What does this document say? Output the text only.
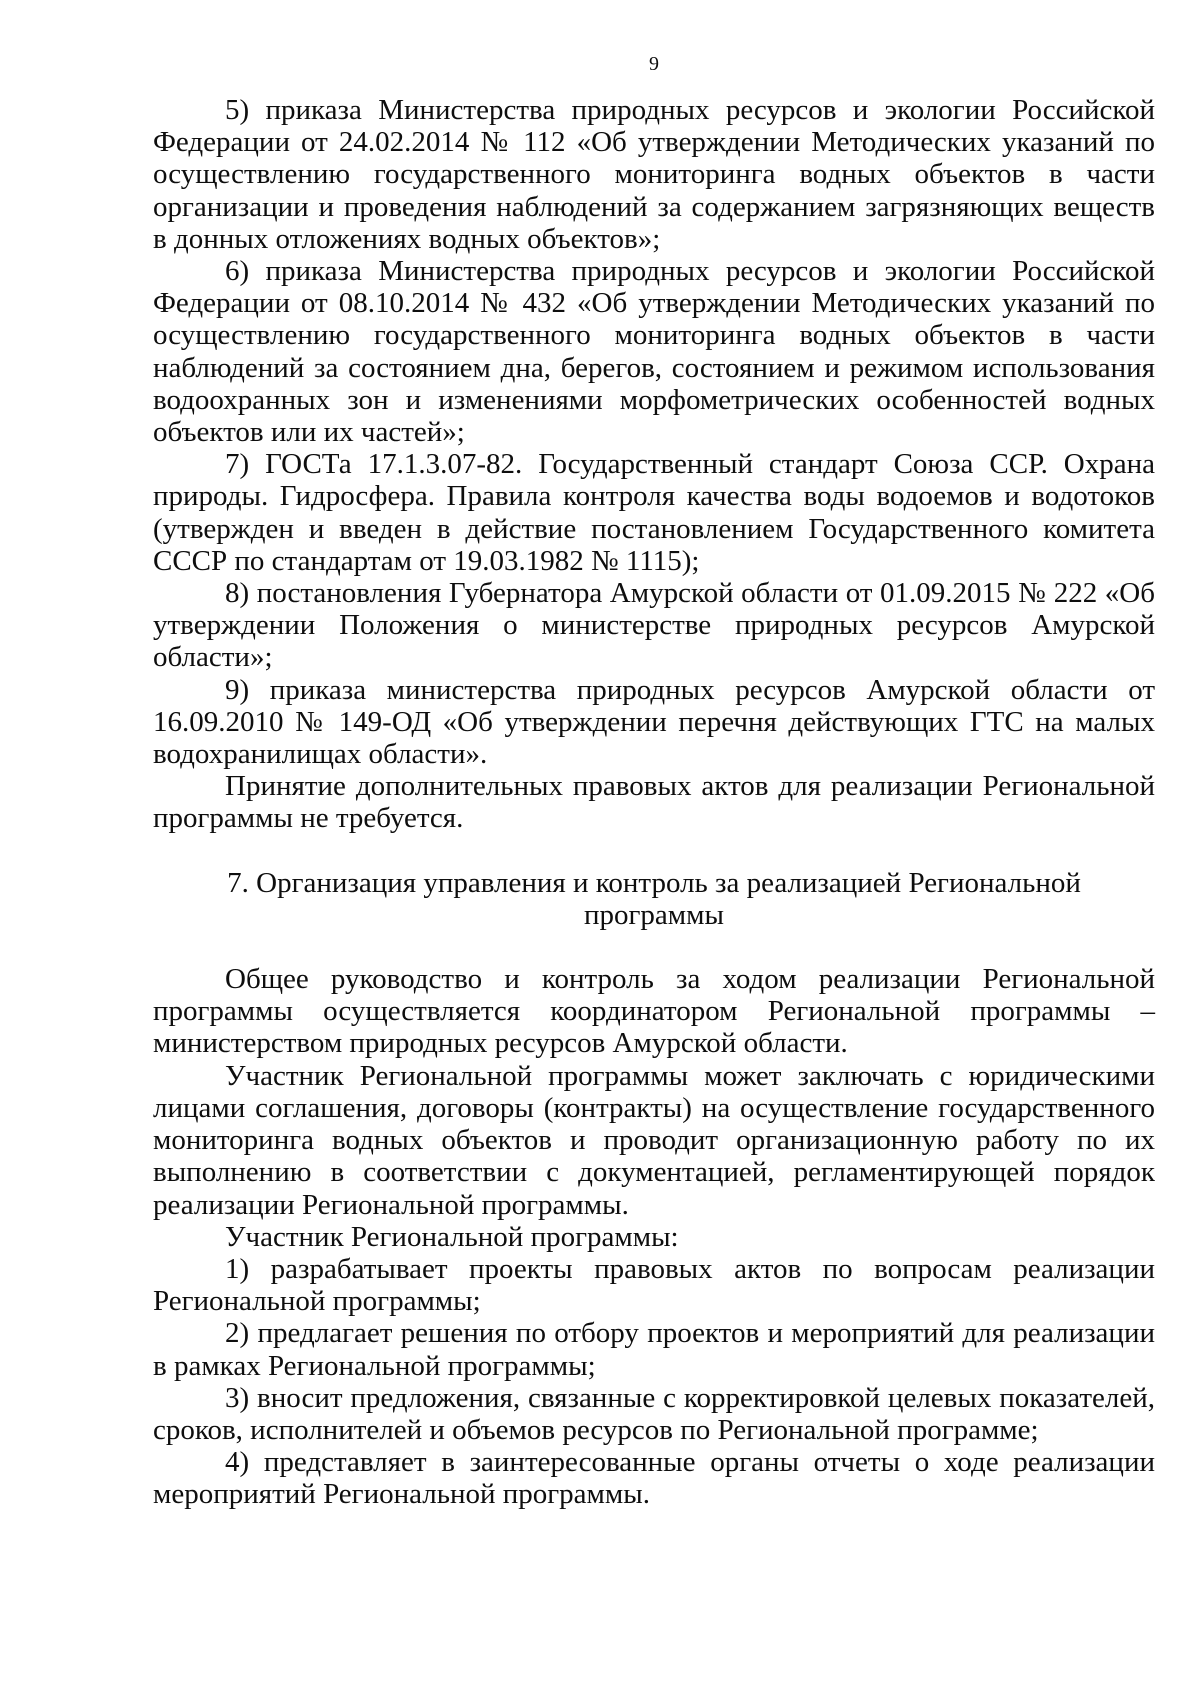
9

5) приказа Министерства природных ресурсов и экологии Российской Федерации от 24.02.2014 № 112 «Об утверждении Методических указаний по осуществлению государственного мониторинга водных объектов в части организации и проведения наблюдений за содержанием загрязняющих веществ в донных отложениях водных объектов»;

6) приказа Министерства природных ресурсов и экологии Российской Федерации от 08.10.2014 № 432 «Об утверждении Методических указаний по осуществлению государственного мониторинга водных объектов в части наблюдений за состоянием дна, берегов, состоянием и режимом использования водоохранных зон и изменениями морфометрических особенностей водных объектов или их частей»;

7) ГОСТа 17.1.3.07-82. Государственный стандарт Союза ССР. Охрана природы. Гидросфера. Правила контроля качества воды водоемов и водотоков (утвержден и введен в действие постановлением Государственного комитета СССР по стандартам от 19.03.1982 № 1115);

8) постановления Губернатора Амурской области от 01.09.2015 № 222 «Об утверждении Положения о министерстве природных ресурсов Амурской области»;

9) приказа министерства природных ресурсов Амурской области от 16.09.2010 № 149-ОД «Об утверждении перечня действующих ГТС на малых водохранилищах области».

Принятие дополнительных правовых актов для реализации Региональной программы не требуется.

7. Организация управления и контроль за реализацией Региональной
программы

Общее руководство и контроль за ходом реализации Региональной программы осуществляется координатором Региональной программы – министерством природных ресурсов Амурской области.

Участник Региональной программы может заключать с юридическими лицами соглашения, договоры (контракты) на осуществление государственного мониторинга водных объектов и проводит организационную работу по их выполнению в соответствии с документацией, регламентирующей порядок реализации Региональной программы.

Участник Региональной программы:

1) разрабатывает проекты правовых актов по вопросам реализации Региональной программы;

2) предлагает решения по отбору проектов и мероприятий для реализации в рамках Региональной программы;

3) вносит предложения, связанные с корректировкой целевых показателей, сроков, исполнителей и объемов ресурсов по Региональной программе;

4) представляет в заинтересованные органы отчеты о ходе реализации мероприятий Региональной программы.
